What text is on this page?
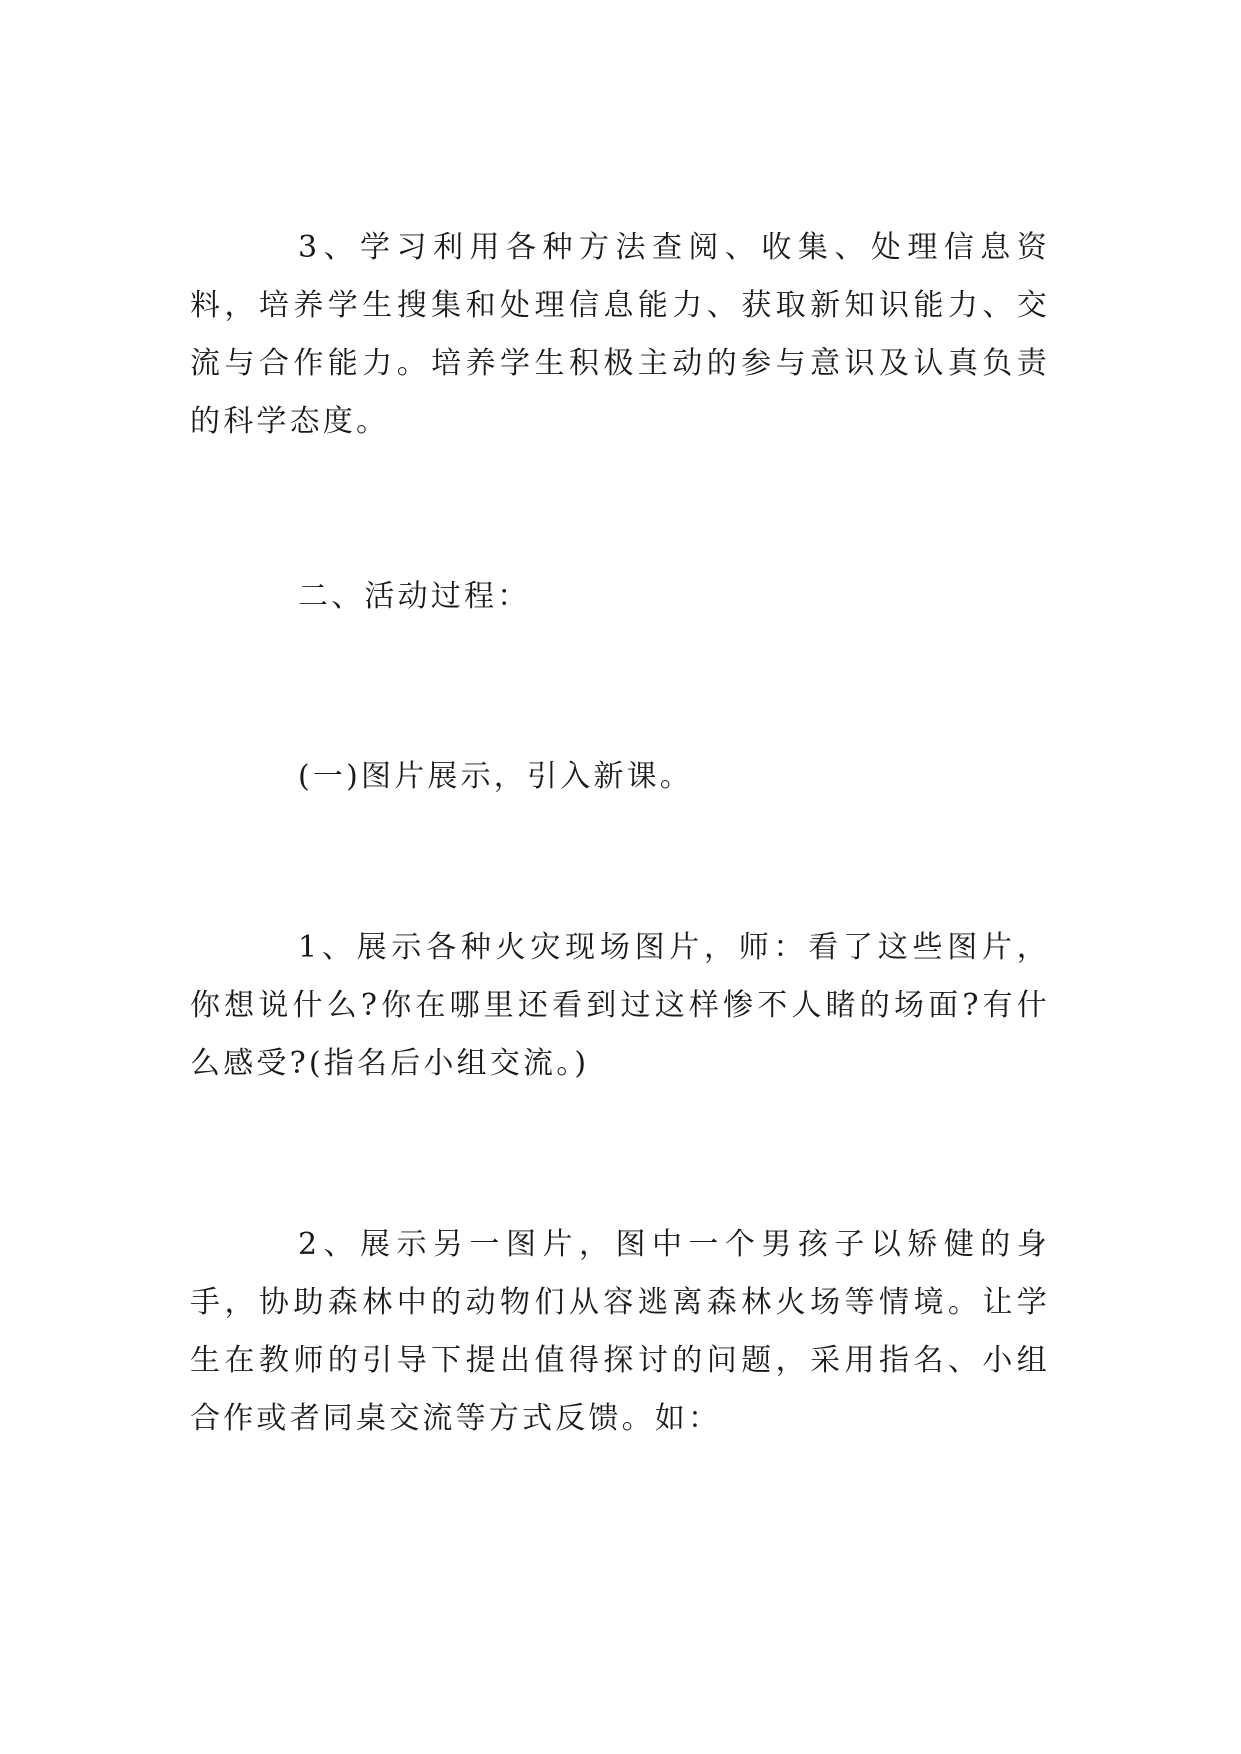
3、学习利用各种方法查阅、收集、处理信息资料，培养学生搜集和处理信息能力、获取新知识能力、交流与合作能力。培养学生积极主动的参与意识及认真负责的科学态度。

二、活动过程：

(一)图片展示，引入新课。

1、展示各种火灾现场图片，师：看了这些图片，你想说什么?你在哪里还看到过这样惨不人睹的场面?有什么感受?(指名后小组交流。)

2、展示另一图片，图中一个男孩子以矫健的身手，协助森林中的动物们从容逃离森林火场等情境。让学生在教师的引导下提出值得探讨的问题，采用指名、小组合作或者同桌交流等方式反馈。如：
